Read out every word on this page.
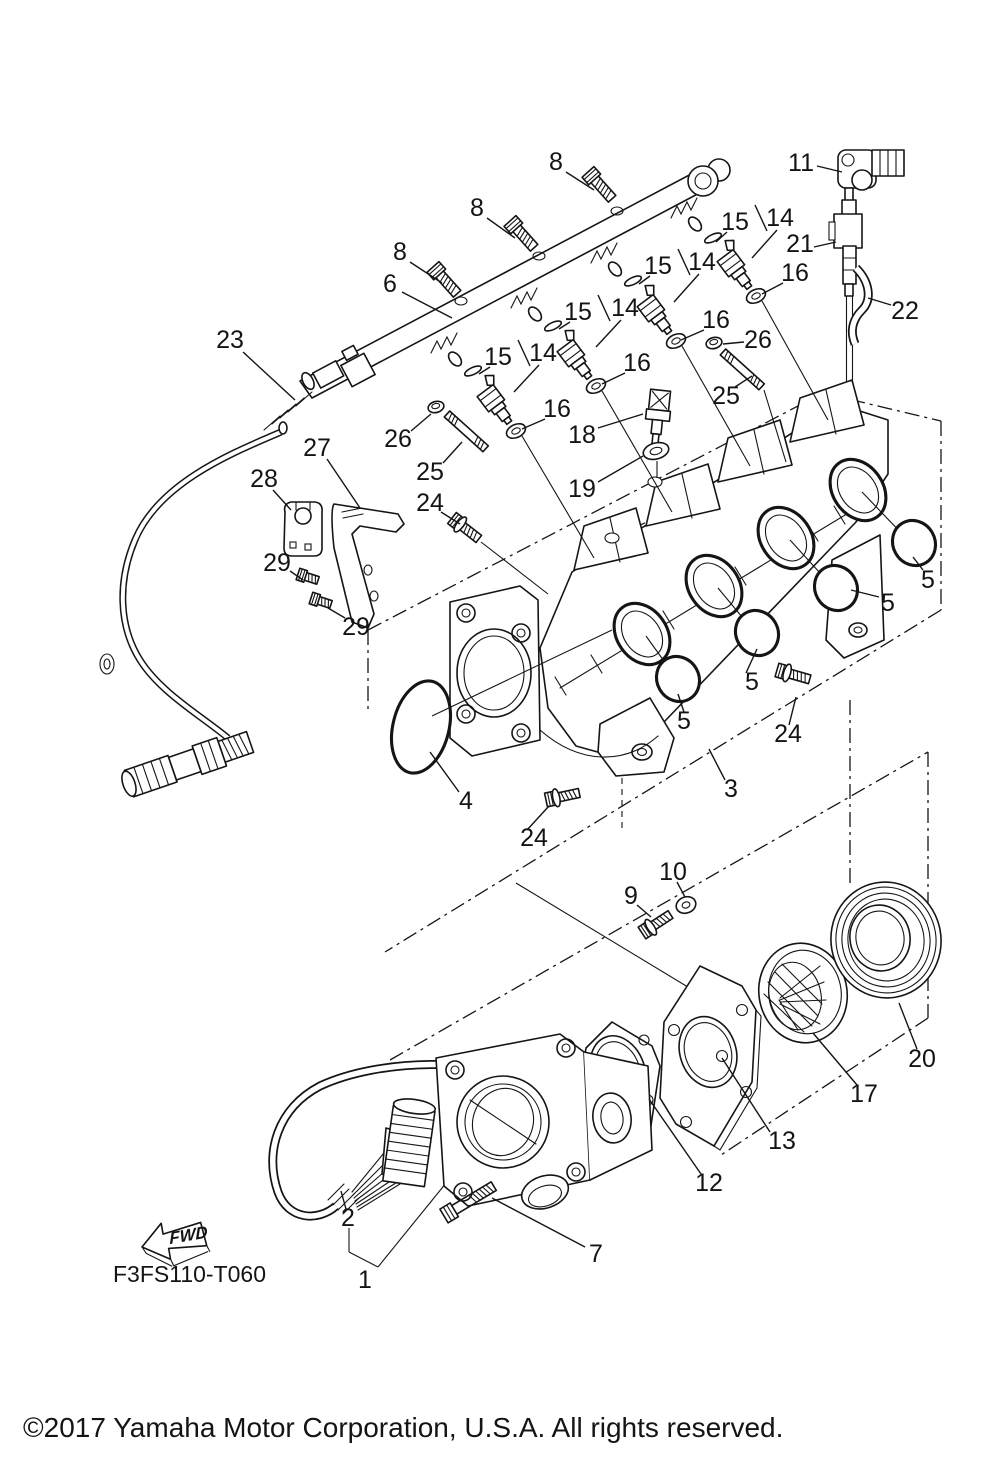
FWD
F3FS110-T060
8
8
8
6
23
11
21
22
15 14
15 14
15 14
15 14
16
16
16
16
26
25
26
25
18
19
27
28
24
29
29
5
5
5
5	24
3
4
24
9
10
20
17
13
12
7
2
1
©2017 Yamaha Motor Corporation, U.S.A. All rights reserved.
